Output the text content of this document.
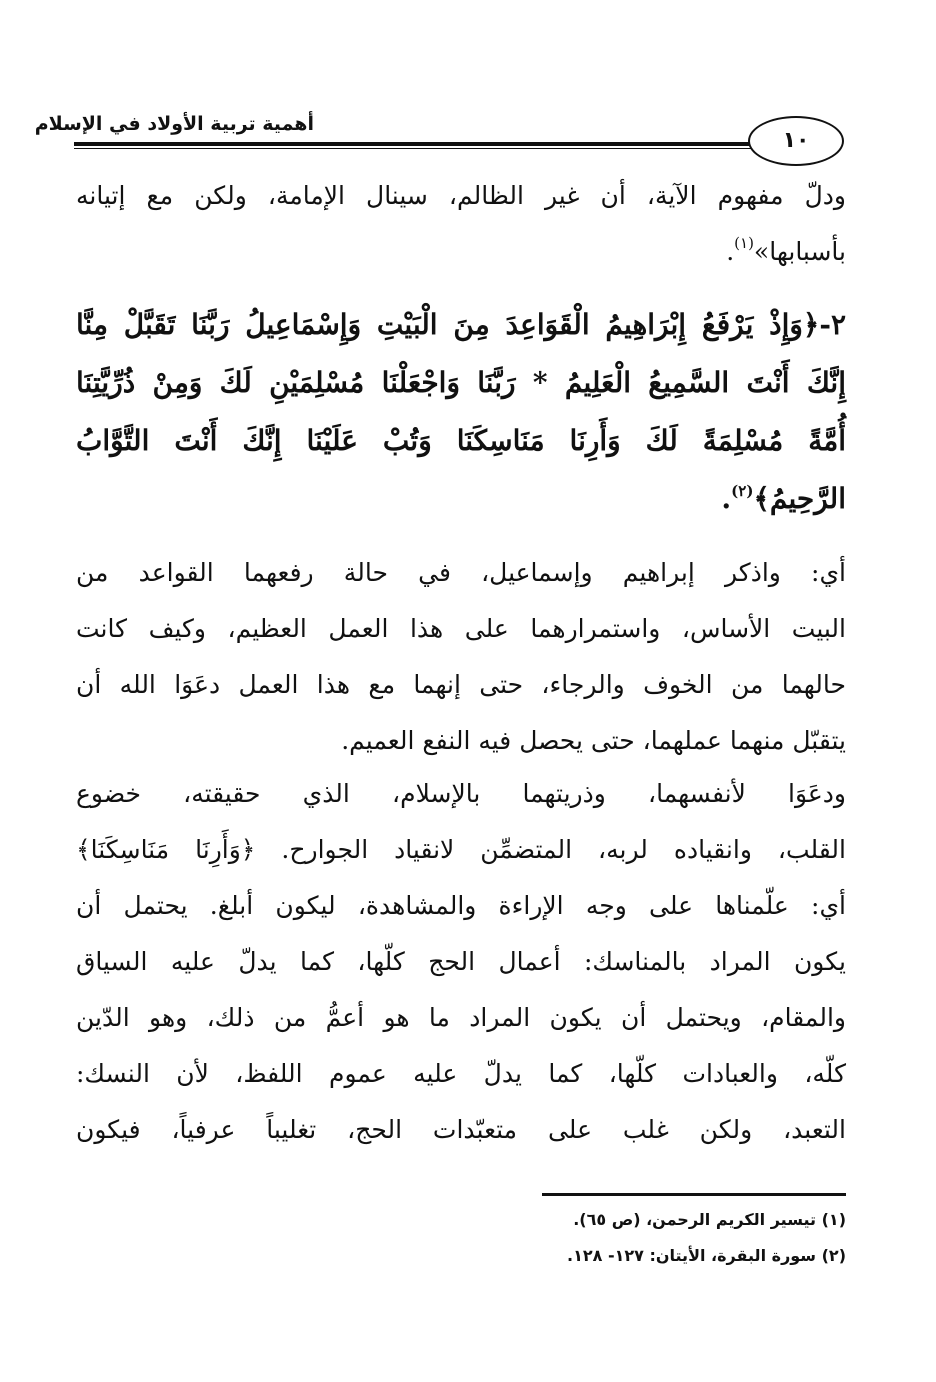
أهمية تربية الأولاد في الإسلام
١٠
ودلّ مفهوم الآية، أن غير الظالم، سينال الإمامة، ولكن مع إتيانه
بأسبابها»$^{(١)}$.
٢-﴿وَإِذْ يَرْفَعُ إِبْرَاهِيمُ الْقَوَاعِدَ مِنَ الْبَيْتِ وَإِسْمَاعِيلُ رَبَّنَا تَقَبَّلْ مِنَّا
إِنَّكَ أَنْتَ السَّمِيعُ الْعَلِيمُ * رَبَّنَا وَاجْعَلْنَا مُسْلِمَيْنِ لَكَ وَمِنْ ذُرِّيَّتِنَا
أُمَّةً مُسْلِمَةً لَكَ وَأَرِنَا مَنَاسِكَنَا وَتُبْ عَلَيْنَا إِنَّكَ أَنْتَ التَّوَّابُ
الرَّحِيمُ﴾$^{(٢)}$.
أي: واذكر إبراهيم وإسماعيل، في حالة رفعهما القواعد من
البيت الأساس، واستمرارهما على هذا العمل العظيم، وكيف كانت
حالهما من الخوف والرجاء، حتى إنهما مع هذا العمل دعَوَا الله أن
يتقبّل منهما عملهما، حتى يحصل فيه النفع العميم.
ودعَوَا لأنفسهما، وذريتهما بالإسلام، الذي حقيقته، خضوع
القلب، وانقياده لربه، المتضمِّن لانقياد الجوارح. ﴿وَأَرِنَا مَنَاسِكَنَا﴾
أي: علّمناها على وجه الإراءة والمشاهدة، ليكون أبلغ. يحتمل أن
يكون المراد بالمناسك: أعمال الحج كلّها، كما يدلّ عليه السياق
والمقام، ويحتمل أن يكون المراد ما هو أعمُّ من ذلك، وهو الدّين
كلّه، والعبادات كلّها، كما يدلّ عليه عموم اللفظ، لأن النسك:
التعبد، ولكن غلب على متعبّدات الحج، تغليباً عرفياً، فيكون
(١) تيسير الكريم الرحمن، (ص ٦٥).
(٢) سورة البقرة، الأيتان: ١٢٧- ١٢٨.
